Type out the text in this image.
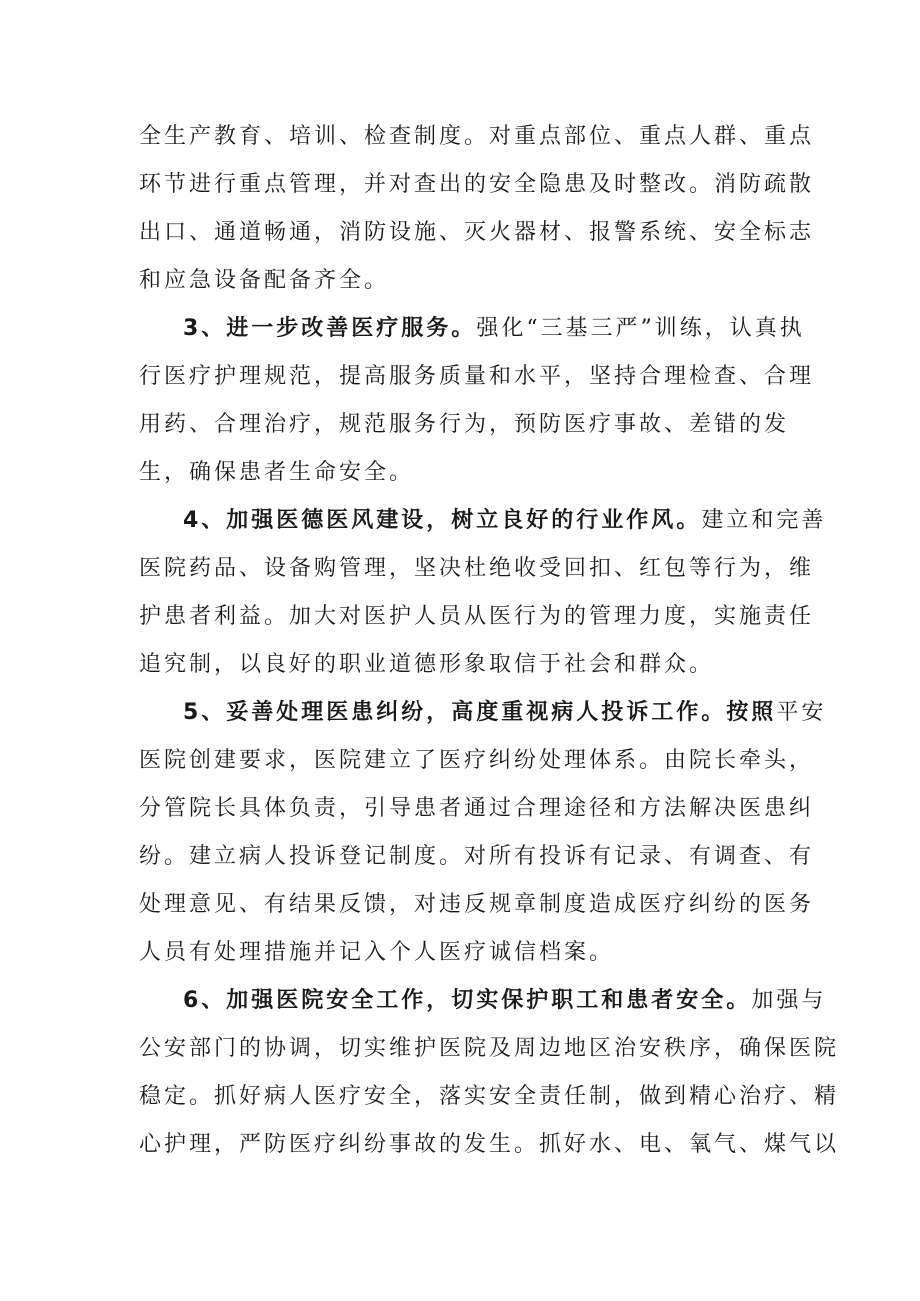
全生产教育、培训、检查制度。对重点部位、重点人群、重点
环节进行重点管理，并对查出的安全隐患及时整改。消防疏散
出口、通道畅通，消防设施、灭火器材、报警系统、安全标志
和应急设备配备齐全。
3、进一步改善医疗服务。强化“三基三严”训练，认真执
行医疗护理规范，提高服务质量和水平，坚持合理检查、合理
用药、合理治疗，规范服务行为，预防医疗事故、差错的发
生，确保患者生命安全。
4、加强医德医风建设，树立良好的行业作风。建立和完善
医院药品、设备购管理，坚决杜绝收受回扣、红包等行为，维
护患者利益。加大对医护人员从医行为的管理力度，实施责任
追究制，以良好的职业道德形象取信于社会和群众。
5、妥善处理医患纠纷，高度重视病人投诉工作。按照平安
医院创建要求，医院建立了医疗纠纷处理体系。由院长牵头，
分管院长具体负责，引导患者通过合理途径和方法解决医患纠
纷。建立病人投诉登记制度。对所有投诉有记录、有调查、有
处理意见、有结果反馈，对违反规章制度造成医疗纠纷的医务
人员有处理措施并记入个人医疗诚信档案。
6、加强医院安全工作，切实保护职工和患者安全。加强与
公安部门的协调，切实维护医院及周边地区治安秩序，确保医院
稳定。抓好病人医疗安全，落实安全责任制，做到精心治疗、精
心护理，严防医疗纠纷事故的发生。抓好水、电、氧气、煤气以
